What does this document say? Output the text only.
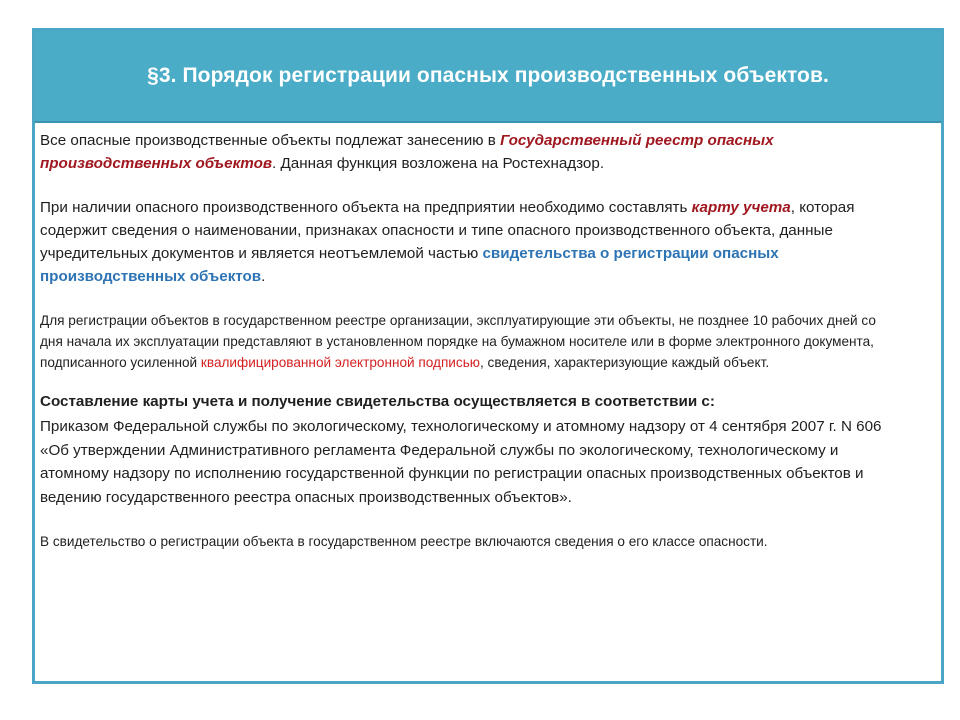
§3. Порядок регистрации опасных производственных объектов.

Все опасные производственные объекты подлежат занесению в Государственный реестр опасных производственных объектов. Данная функция возложена на Ростехнадзор.

При наличии опасного производственного объекта на предприятии необходимо составлять карту учета, которая содержит сведения о наименовании, признаках опасности и типе опасного производственного объекта, данные учредительных документов и является неотъемлемой частью свидетельства о регистрации опасных производственных объектов.

Для регистрации объектов в государственном реестре организации, эксплуатирующие эти объекты, не позднее 10 рабочих дней со дня начала их эксплуатации представляют в установленном порядке на бумажном носителе или в форме электронного документа, подписанного усиленной квалифицированной электронной подписью, сведения, характеризующие каждый объект.

Составление карты учета и получение свидетельства осуществляется в соответствии с:

Приказом Федеральной службы по экологическому, технологическому и атомному надзору от 4 сентября 2007 г. N 606 «Об утверждении Административного регламента Федеральной службы по экологическому, технологическому и атомному надзору по исполнению государственной функции по регистрации опасных производственных объектов и ведению государственного реестра опасных производственных объектов».

В свидетельство о регистрации объекта в государственном реестре включаются сведения о его классе опасности.
